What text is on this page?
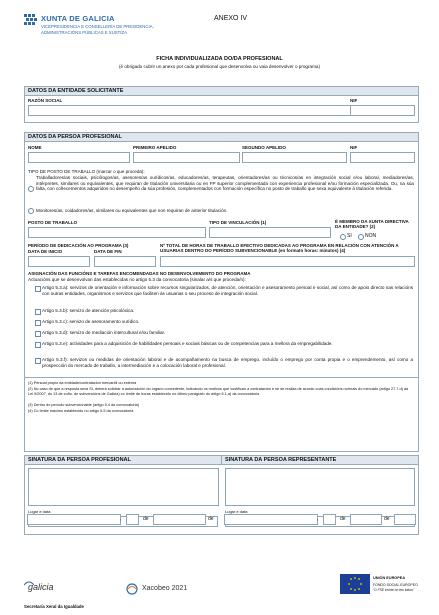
XUNTA DE GALICIA
VICEPRESIDENCIA E CONSELLERÍA DE PRESIDENCIA,
ADMINISTRACIÓNS PÚBLICAS E XUSTIZA
ANEXO IV
FICHA INDIVIDUALIZADA DO/DA PROFESIONAL
(é obrigado cubrir un anexo por cada profesional que desenvolva ou vaia desenvolver o programa)
DATOS DA ENTIDADE SOLICITANTE
RAZÓN SOCIAL	NIF
DATOS DA PERSOA PROFESIONAL
NOME	PRIMEIRO APELIDO	SEGUNDO APELIDO	NIF
TIPO DE POSTO DE TRABALLO (marcar o que proceda):
Traballadores/as sociais, psicólogos/as, asesores/as xurídicos/as, educadores/as, terapeutas, orientadores/as ou técnicos/as en integración social e/ou laboral, mediadores/as, intérpretes, similares ou equivalentes, que requiran de titulación universitaria ou en FP superior complementada con experiencia profesional e/ou formación especializada. Ou, na súa falta, con coñecementos adquiridos no desempeño da súa profesión, complementados con formación específica no posto de traballo que sexa equivalente á titulación referida.
Monitores/as, coidadores/as, similares ou equivalentes que non requiran de anterior titulación.
POSTO DE TRABALLO	TIPO DE VINCULACIÓN (1)	É MEMBRO DA XUNTA DIRECTIVA DA ENTIDADE? (2)
SI	NON
PERÍODO DE DEDICACIÓN AO PROGRAMA (3)
DATA DE INICIO	DATA DE FIN
Nº TOTAL DE HORAS DE TRABALLO EFECTIVO DEDICADAS AO PROGRAMA EN RELACIÓN CON ATENCIÓN A USUARIAS DENTRO DO PERÍODO SUBVENCIONABLE (en formato horas: minutos) (4)
ASIGNACIÓN DAS FUNCIÓNS E TAREFAS ENCOMENDADAS NO DESENVOLVEMENTO DO PROGRAMA
Actuacións que se desenvolvan das establecidas no artigo 5.3 da convocatoria (sinalar a/s que proceda/n):
Artigo 5.3.a): servizos de orientación e información sobre recursos singularizados, de atención, orientación e asesoramento persoal e social, así como de apoio directo nas relacións con outras entidades, organismos e servizos que faciliten ás usuarias o seu proceso de integración social.
Artigo 5.3.b): servizo de atención psicolóxica.
Artigo 5.3.c): servizo de asesoramento xurídico.
Artigo 5.3.d): servizo de mediación intercultural e/ou familiar.
Artigo 5.3.e): actividades para a adquisición de habilidades persoais e sociais básicas ou de competencias para a mellora da empregabilidade.
Artigo 5.3.f): servizos ou medidas de orientación laboral e de acompañamento na busca de emprego, incluído o emprego por conta propia e o emprendemento, así como a prospección do mercado de traballo, a intermediación e a colocación laboral e profesional.
(1) Persoal propio da entidade/contratación mercantil ou externa
(2) No caso de que a resposta sexa SI, deberá solicitar a autorización do órgano concedente, indicando os motivos que xustifican a contratación e se se realiza de acordo coas condicións normais do mercado (artigo 27.7.d) da Lei 9/2007, do 13 de xuño, de subvencións de Galicia) co límite de horas establecido no último parágrafo do artigo 6.1.a) da convocatoria
(3) Dentro do período subvencionable (artigo 5.4 da convocatoria)
(4) Co límite máximo establecido no artigo 5.5 da convocatoria
SINATURA DA PERSOA PROFESIONAL	SINATURA DA PERSOA REPRESENTANTE
Lugar e data	Lugar e data
,	de	de	,	de	de
galicia	Xacobeo 2021
UNIÓN EUROPEA
FONDO SOCIAL EUROPEO
“O FSE invirte no teu futuro”
Secretaría Xeral da Igualdade
